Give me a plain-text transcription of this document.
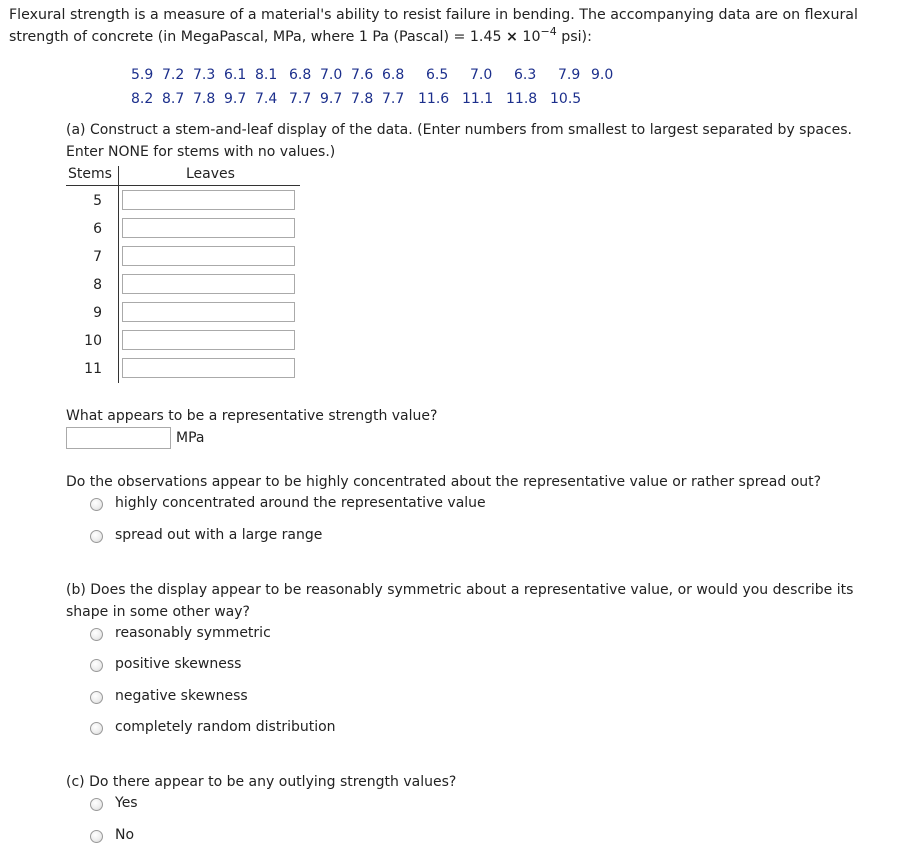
Flexural strength is a measure of a material's ability to resist failure in bending. The accompanying data are on flexural
strength of concrete (in MegaPascal, MPa, where 1 Pa (Pascal) = $1.45 \times 10^{-4}$ psi):
5.9 7.2 7.3 6.1 8.1 6.8 7.0 7.6 6.8 6.5 7.0 6.3 7.9 9.0
8.2 8.7 7.8 9.7 7.4 7.7 9.7 7.8 7.7 11.6 11.1 11.8 10.5
(a) Construct a stem-and-leaf display of the data. (Enter numbers from smallest to largest separated by spaces.
Enter NONE for stems with no values.)
Stems	Leaves
5
6
7
8
9
10
11
What appears to be a representative strength value?
MPa
Do the observations appear to be highly concentrated about the representative value or rather spread out?
highly concentrated around the representative value
spread out with a large range
(b) Does the display appear to be reasonably symmetric about a representative value, or would you describe its
shape in some other way?
reasonably symmetric
positive skewness
negative skewness
completely random distribution
(c) Do there appear to be any outlying strength values?
Yes
No
